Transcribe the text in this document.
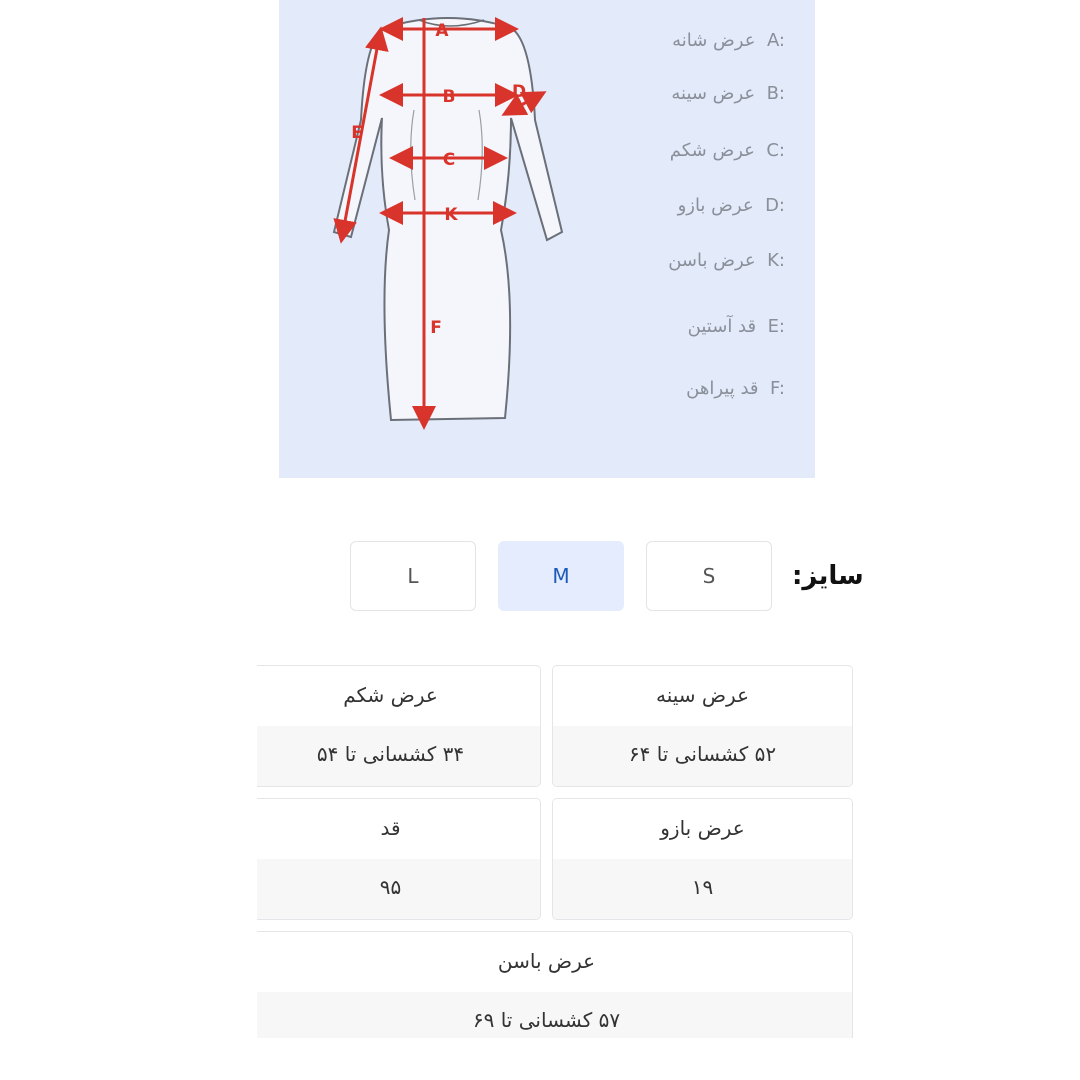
A
B
C
D
K
E
F
عرض شانه A:
عرض سینه B:
عرض شکم C:
عرض بازو D:
عرض باسن K:
قد آستین E:
قد پیراهن F:
سایز:
S
M
L
عرض سینه
۵۲ کشسانی تا ۶۴
عرض شکم
۳۴ کشسانی تا ۵۴
عرض بازو
۱۹
قد
۹۵
عرض باسن
۵۷ کشسانی تا ۶۹
